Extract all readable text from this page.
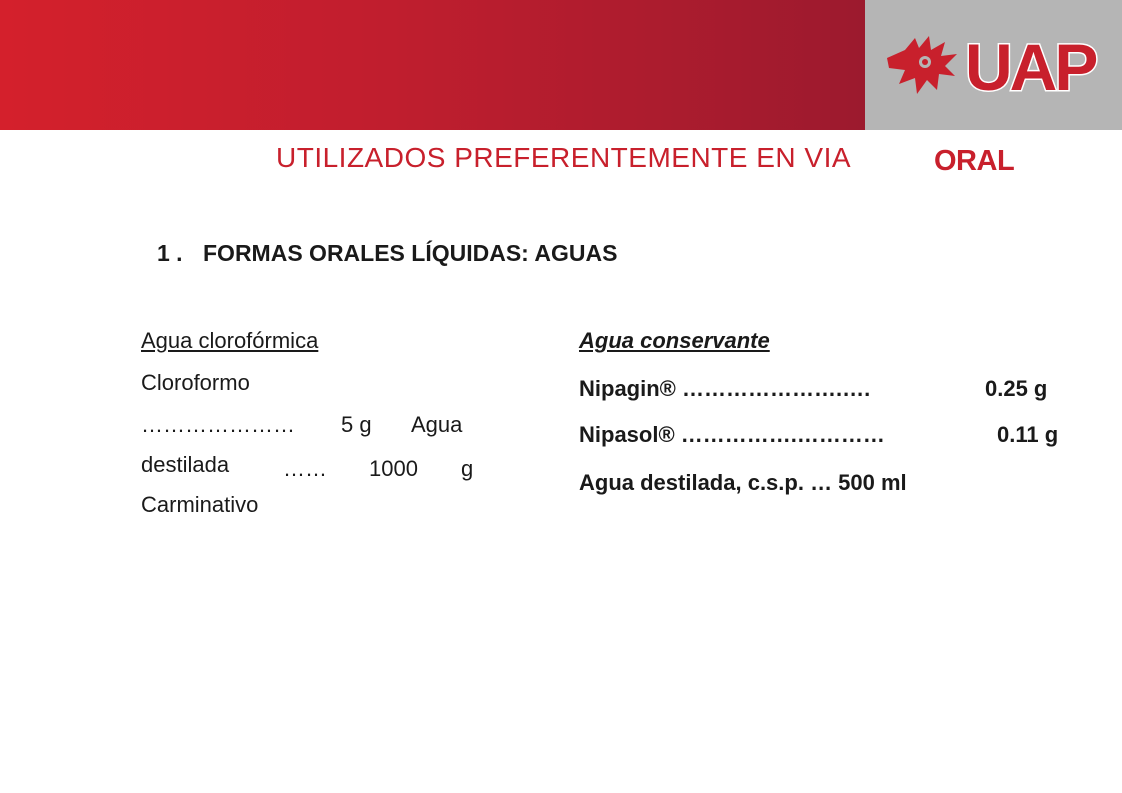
UAP
UTILIZADOS PREFERENTEMENTE EN VIA	ORAL
1 . FORMAS ORALES LÍQUIDAS: AGUAS
Agua clorofórmica
Cloroformo
………………… 5 g Agua
destilada …… 1000 g
Carminativo
Agua conservante
Nipagin® ………………….….	0.25 g
Nipasol® …………….…………	0.11 g
Agua destilada, c.s.p. … 500 ml
